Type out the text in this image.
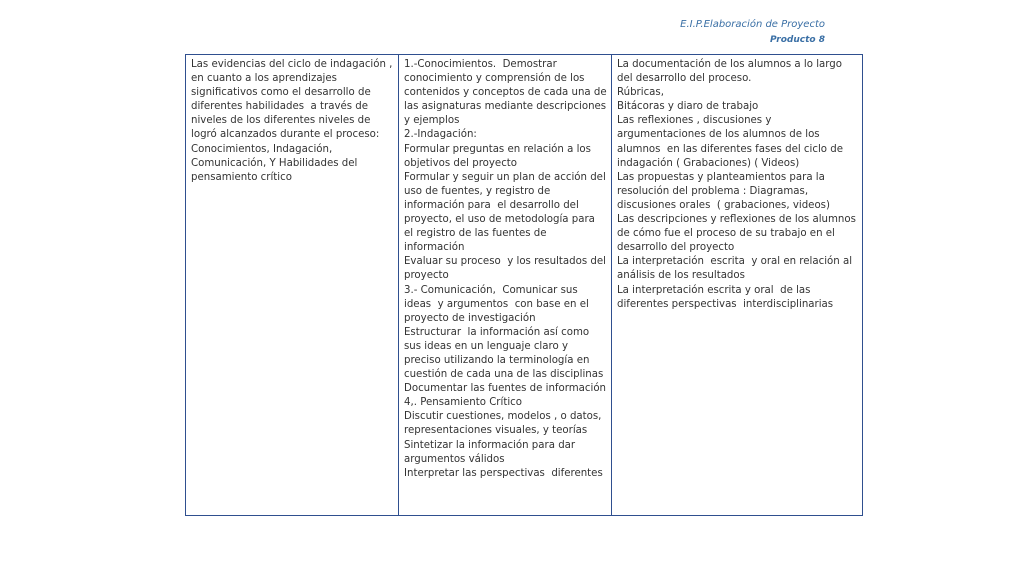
E.I.P.Elaboración de Proyecto
Producto 8
Las evidencias del ciclo de indagación , en cuanto a los aprendizajes significativos como el desarrollo de diferentes habilidades  a través de  niveles de los diferentes niveles de logró alcanzados durante el proceso:  Conocimientos, Indagación,  Comunicación, Y Habilidades del pensamiento crítico

1.-Conocimientos.  Demostrar conocimiento y comprensión de los contenidos y conceptos de cada una de las asignaturas mediante descripciones y ejemplos
2.-Indagación:
Formular preguntas en relación a los objetivos del proyecto
Formular y seguir un plan de acción del uso de fuentes, y registro de información para  el desarrollo del proyecto, el uso de metodología para el registro de las fuentes de información
Evaluar su proceso  y los resultados del proyecto
3.- Comunicación,  Comunicar sus ideas  y argumentos  con base en el proyecto de investigación
Estructurar  la información así como sus ideas en un lenguaje claro y preciso utilizando la terminología en cuestión de cada una de las disciplinas
Documentar las fuentes de información
4,. Pensamiento Crítico
Discutir cuestiones, modelos , o datos, representaciones visuales, y teorías
Sintetizar la información para dar argumentos válidos
Interpretar las perspectivas  diferentes

La documentación de los alumnos a lo largo del desarrollo del proceso.
Rúbricas,
Bitácoras y diaro de trabajo
Las reflexiones , discusiones y argumentaciones de los alumnos de los alumnos  en las diferentes fases del ciclo de indagación ( Grabaciones) ( Videos)
Las propuestas y planteamientos para la resolución del problema : Diagramas, discusiones orales  ( grabaciones, videos)
Las descripciones y reflexiones de los alumnos de cómo fue el proceso de su trabajo en el desarrollo del proyecto
La interpretación  escrita  y oral en relación al análisis de los resultados
La interpretación escrita y oral  de las diferentes perspectivas  interdisciplinarias
